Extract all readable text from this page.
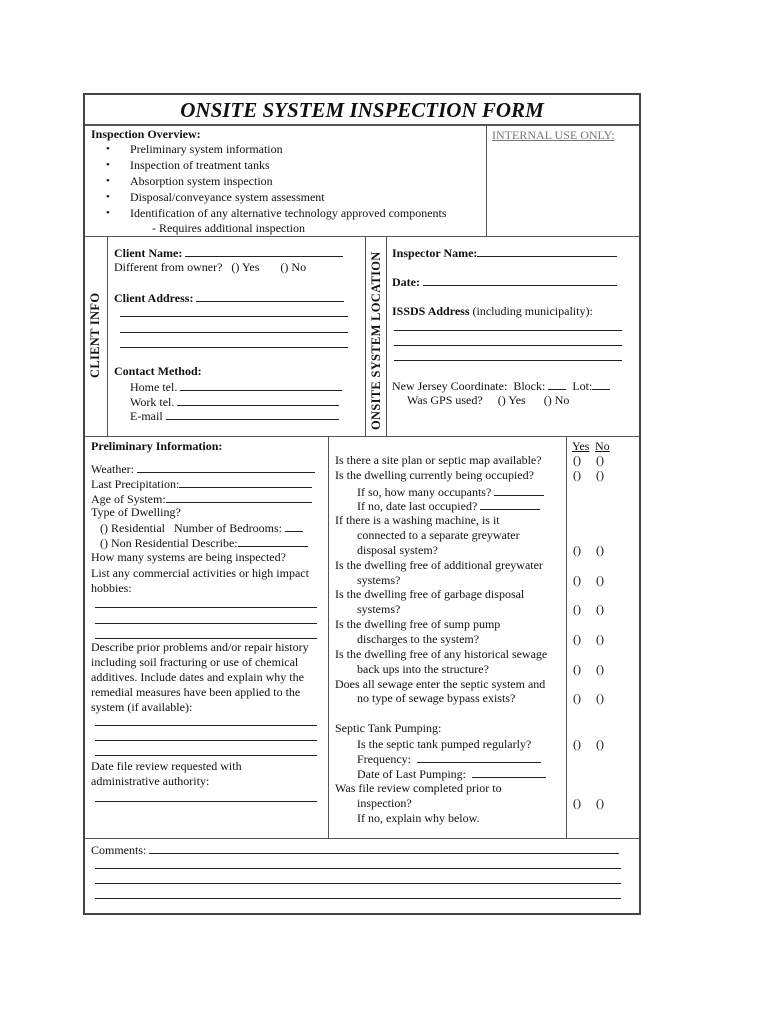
ONSITE SYSTEM INSPECTION FORM
INTERNAL USE ONLY:
Inspection Overview:
• Preliminary system information
• Inspection of treatment tanks
• Absorption system inspection
• Disposal/conveyance system assessment
• Identification of any alternative technology approved components
- Requires additional inspection
CLIENT INFO
Client Name:
Different from owner? () Yes () No
Client Address:
Contact Method:
Home tel.
Work tel.
E-mail	ONSITE SYSTEM LOCATION Inspector Name:
Date:
ISSDS Address (including municipality):
New Jersey Coordinate: Block: Lot:
Was GPS used? () Yes () No
Preliminary Information:
Weather:
Last Precipitation:
Age of System:
Type of Dwelling?
() Residential Number of Bedrooms:
() Non Residential Describe:
How many systems are being inspected?
List any commercial activities or high impact
hobbies:
Describe prior problems and/or repair history
including soil fracturing or use of chemical
additives. Include dates and explain why the
remedial measures have been applied to the
system (if available):
Date file review requested with
administrative authority:
Is there a site plan or septic map available?
Is the dwelling currently being occupied?
If so, how many occupants?
If no, date last occupied?
If there is a washing machine, is it
connected to a separate greywater
disposal system?
Is the dwelling free of additional greywater
systems?
Is the dwelling free of garbage disposal
systems?
Is the dwelling free of sump pump
discharges to the system?
Is the dwelling free of any historical sewage
back ups into the structure?
Does all sewage enter the septic system and
no type of sewage bypass exists?
Septic Tank Pumping:
Is the septic tank pumped regularly?
Frequency:
Date of Last Pumping:
Was file review completed prior to
inspection?
If no, explain why below.
Yes No
() ()
() ()
() ()
() ()
() ()
() ()
() ()
() ()
() ()
() ()
Comments:
